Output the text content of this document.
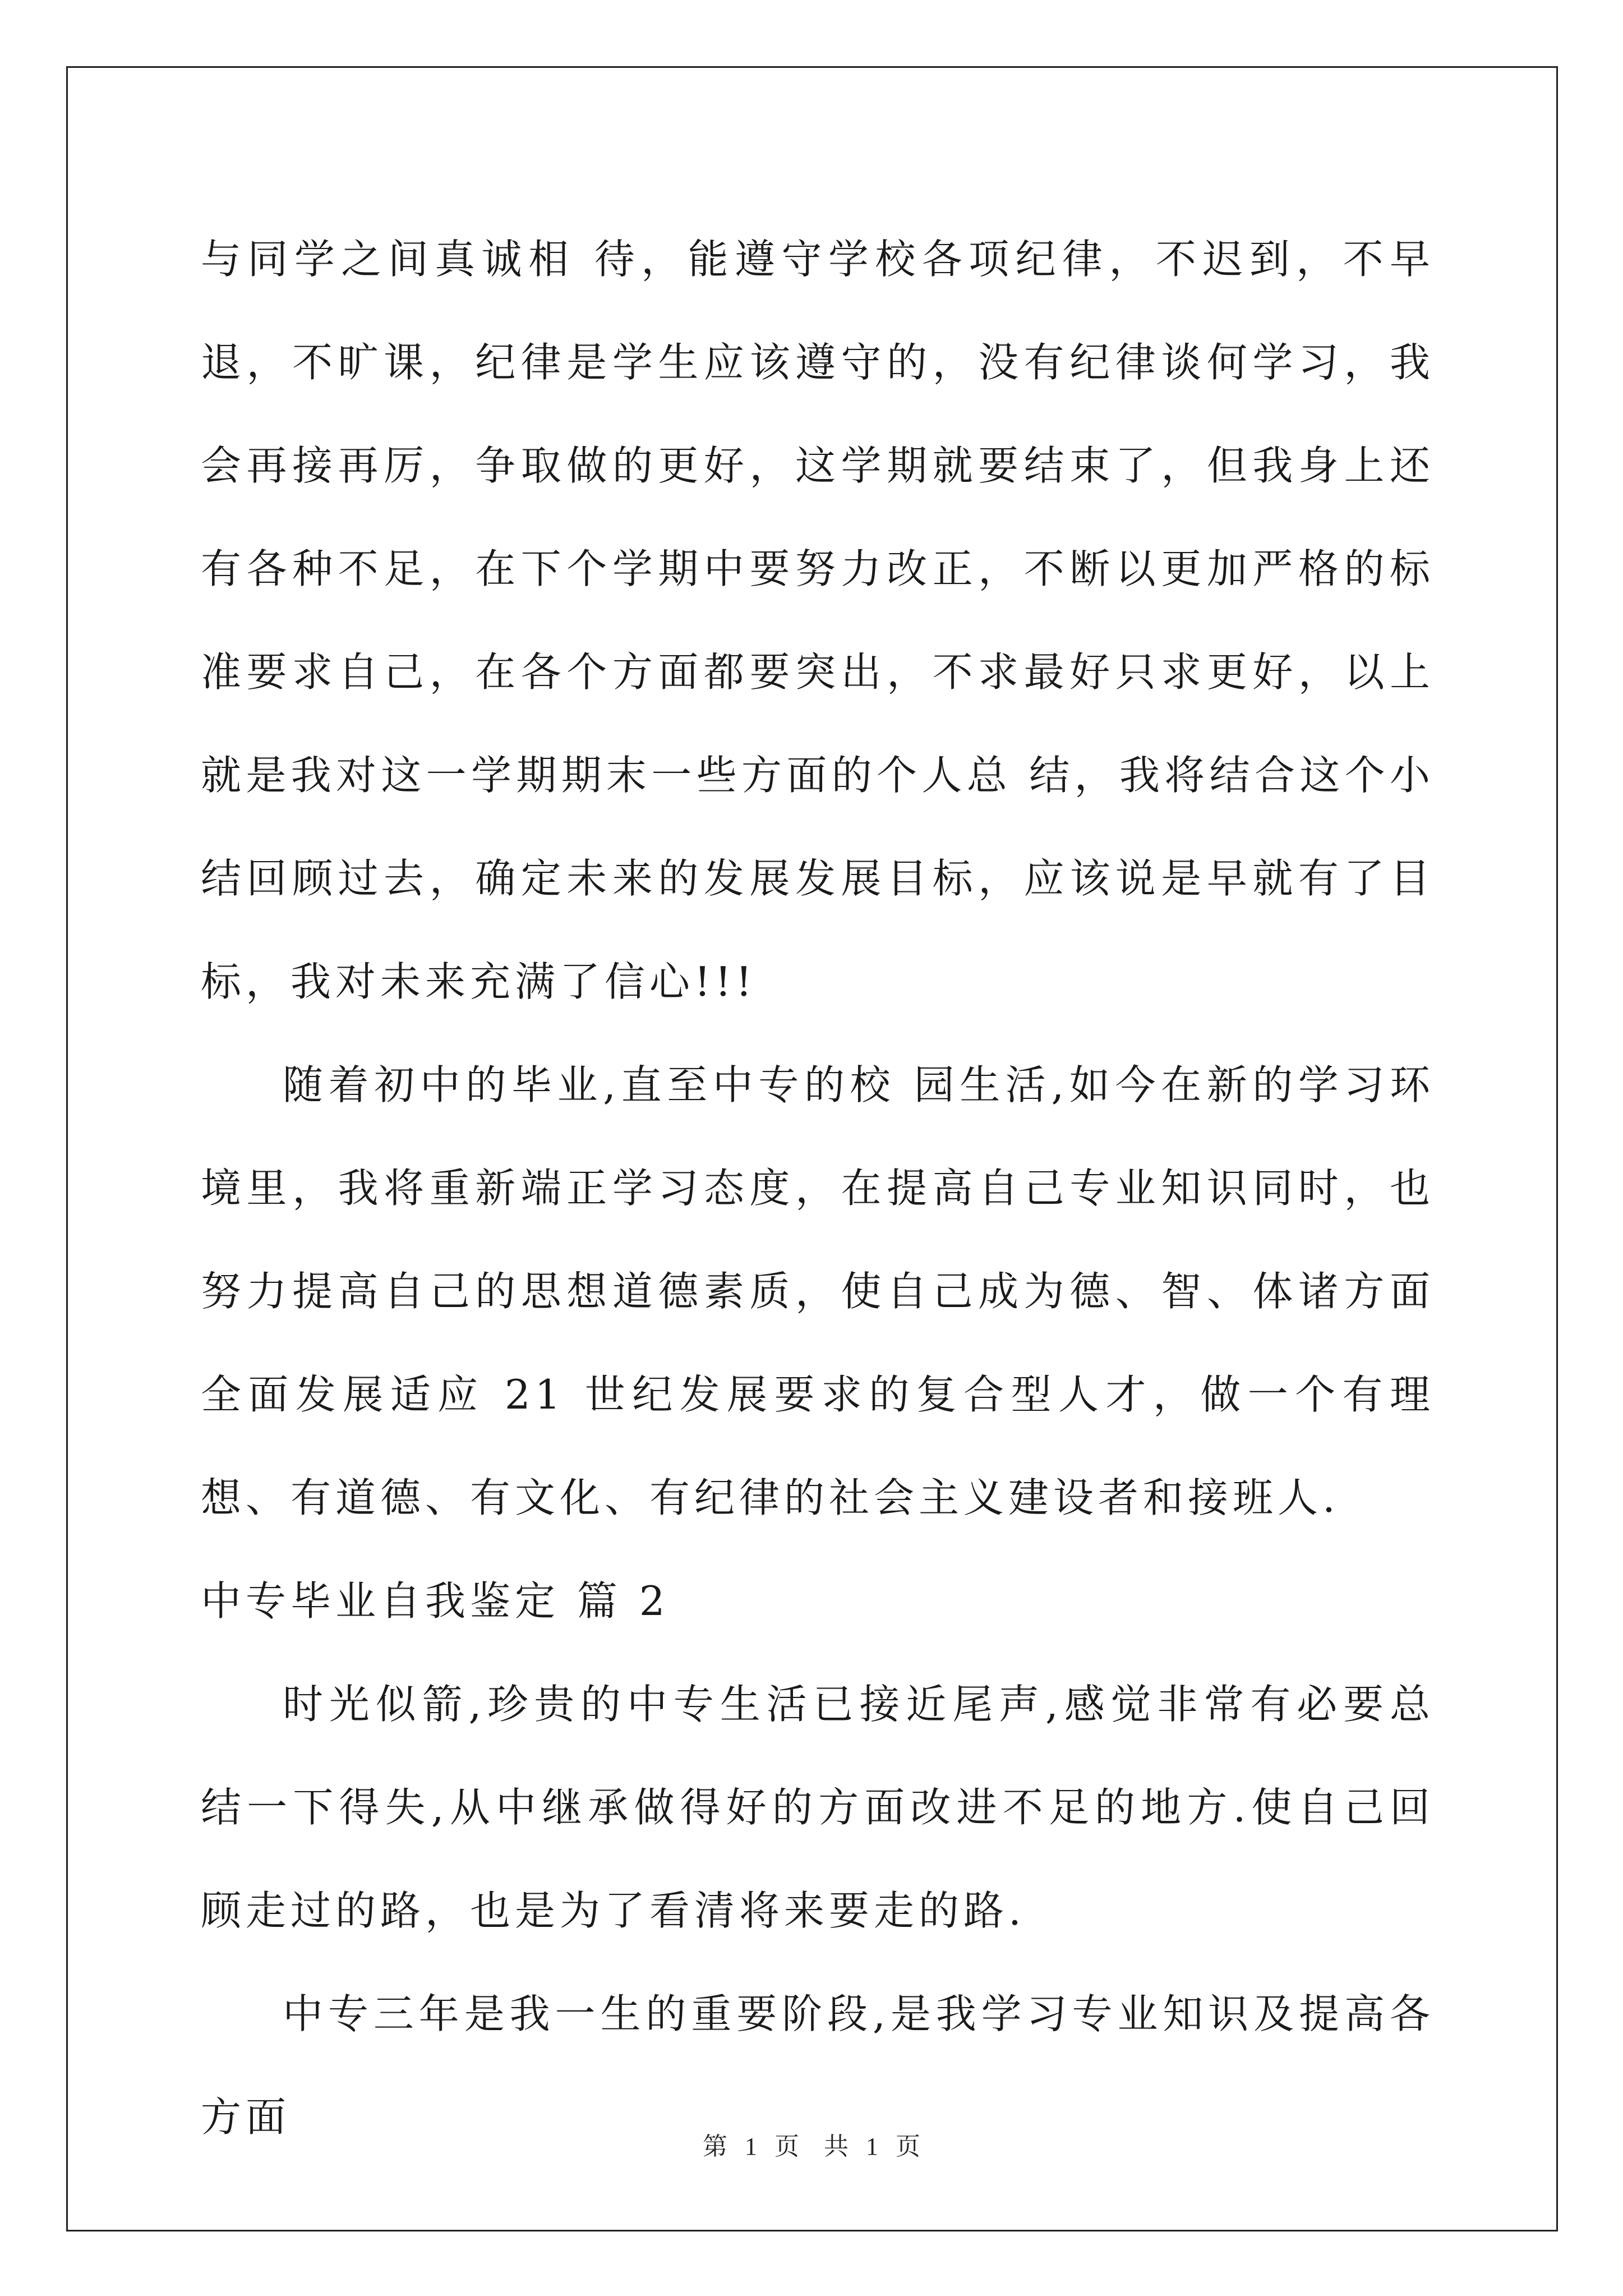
与同学之间真诚相 待，能遵守学校各项纪律，不迟到，不早退，不旷课，纪律是学生应该遵守的，没有纪律谈何学习，我会再接再厉，争取做的更好，这学期就要结束了，但我身上还 有各种不足，在下个学期中要努力改正，不断以更加严格的标准要求自己，在各个方面都要突出，不求最好只求更好，以上就是我对这一学期期末一些方面的个人总 结，我将结合这个小结回顾过去，确定未来的发展发展目标，应该说是早就有了目标，我对未来充满了信心!!!

随着初中的毕业,直至中专的校 园生活,如今在新的学习环境里，我将重新端正学习态度，在提高自己专业知识同时，也努力提高自己的思想道德素质，使自己成为德、智、体诸方面全面发展适应 21 世纪发展要求的复合型人才，做一个有理想、有道德、有文化、有纪律的社会主义建设者和接班人.

中专毕业自我鉴定 篇 2

时光似箭,珍贵的中专生活已接近尾声,感觉非常有必要总结一下得失,从中继承做得好的方面改进不足的地方.使自己回顾走过的路，也是为了看清将来要走的路.

中专三年是我一生的重要阶段,是我学习专业知识及提高各方面

第 1 页　共 1 页
